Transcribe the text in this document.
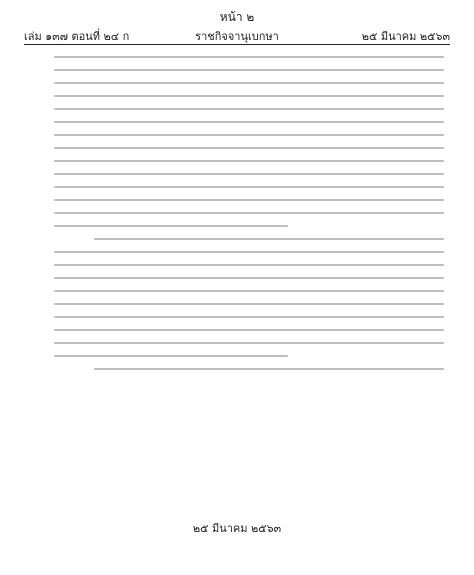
หน้า ๒
เล่ม ๑๓๗ ตอนที่ ๒๔ ก	ราชกิจจานุเบกษา	๒๕ มีนาคม ๒๕๖๓
๒๕ มีนาคม ๒๕๖๓
